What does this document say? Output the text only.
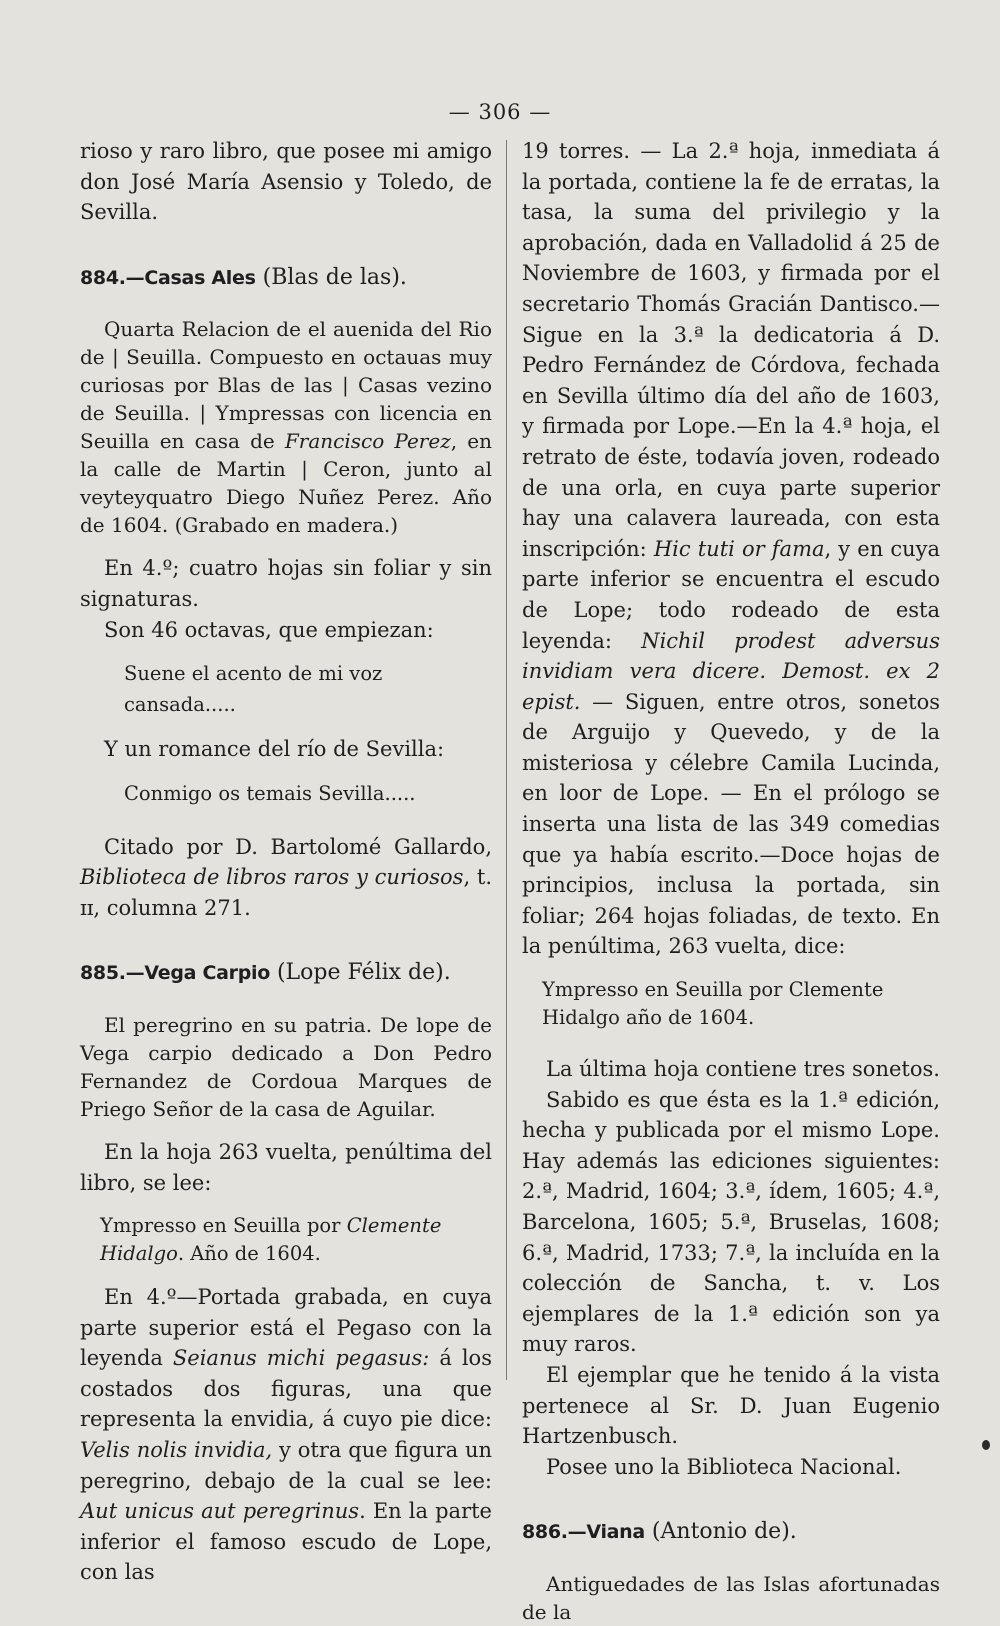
— 306 —

rioso y raro libro, que posee mi amigo don José María Asensio y Toledo, de Sevilla.

884.—Casas Ales (Blas de las).

Quarta Relacion de el auenida del Rio de | Seuilla. Compuesto en octauas muy curiosas por Blas de las | Casas vezino de Seuilla. | Ympressas con licencia en Seuilla en casa de Francisco Perez, en la calle de Martin | Ceron, junto al veyteyquatro Diego Nuñez Perez. Año de 1604. (Grabado en madera.)

En 4.º; cuatro hojas sin foliar y sin signaturas.

Son 46 octavas, que empiezan:

Suene el acento de mi voz cansada.....

Y un romance del río de Sevilla:

Conmigo os temais Sevilla.....

Citado por D. Bartolomé Gallardo, Biblioteca de libros raros y curiosos, t. ɪɪ, columna 271.

885.—Vega Carpio (Lope Félix de).

El peregrino en su patria. De lope de Vega carpio dedicado a Don Pedro Fernandez de Cordoua Marques de Priego Señor de la casa de Aguilar.

En la hoja 263 vuelta, penúltima del libro, se lee:

Ympresso en Seuilla por Clemente Hidalgo. Año de 1604.

En 4.º—Portada grabada, en cuya parte superior está el Pegaso con la leyenda Seianus michi pegasus: á los costados dos figuras, una que representa la envidia, á cuyo pie dice: Velis nolis invidia, y otra que figura un peregrino, debajo de la cual se lee: Aut unicus aut peregrinus. En la parte inferior el famoso escudo de Lope, con las

19 torres. — La 2.ª hoja, inmediata á la portada, contiene la fe de erratas, la tasa, la suma del privilegio y la aprobación, dada en Valladolid á 25 de Noviembre de 1603, y firmada por el secretario Thomás Gracián Dantisco.—Sigue en la 3.ª la dedicatoria á D. Pedro Fernández de Córdova, fechada en Sevilla último día del año de 1603, y firmada por Lope.—En la 4.ª hoja, el retrato de éste, todavía joven, rodeado de una orla, en cuya parte superior hay una calavera laureada, con esta inscripción: Hic tuti or fama, y en cuya parte inferior se encuentra el escudo de Lope; todo rodeado de esta leyenda: Nichil prodest adversus invidiam vera dicere. Demost. ex 2 epist. — Siguen, entre otros, sonetos de Arguijo y Quevedo, y de la misteriosa y célebre Camila Lucinda, en loor de Lope. — En el prólogo se inserta una lista de las 349 comedias que ya había escrito.—Doce hojas de principios, inclusa la portada, sin foliar; 264 hojas foliadas, de texto. En la penúltima, 263 vuelta, dice:

Ympresso en Seuilla por Clemente Hidalgo año de 1604.

La última hoja contiene tres sonetos.

Sabido es que ésta es la 1.ª edición, hecha y publicada por el mismo Lope. Hay además las ediciones siguientes: 2.ª, Madrid, 1604; 3.ª, ídem, 1605; 4.ª, Barcelona, 1605; 5.ª, Bruselas, 1608; 6.ª, Madrid, 1733; 7.ª, la incluída en la colección de Sancha, t. v. Los ejemplares de la 1.ª edición son ya muy raros.

El ejemplar que he tenido á la vista pertenece al Sr. D. Juan Eugenio Hartzenbusch.

Posee uno la Biblioteca Nacional.

886.—Viana (Antonio de).

Antiguedades de las Islas afortunadas de la
